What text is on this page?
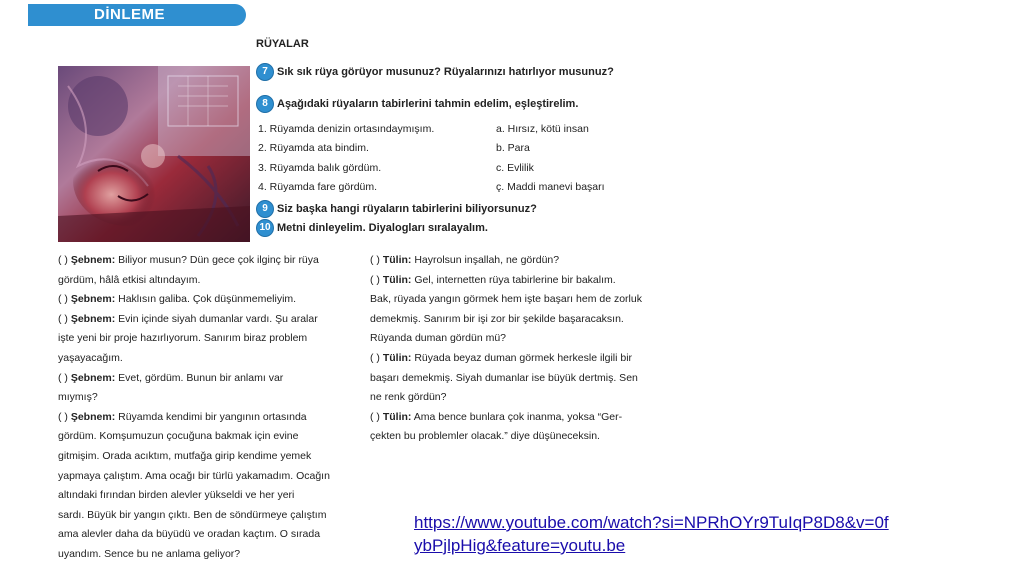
DİNLEME
RÜYALAR
7 Sık sık rüya görüyor musunuz? Rüyalarınızı hatırlıyor musunuz?
8 Aşağıdaki rüyaların tabirlerini tahmin edelim, eşleştirelim.
9 Siz başka hangi rüyaların tabirlerini biliyorsunuz?
10 Metni dinleyelim. Diyalogları sıralayalım.
1. Rüyamda denizin ortasındaymışım.
2. Rüyamda ata bindim.
3. Rüyamda balık gördüm.
4. Rüyamda fare gördüm.
a. Hırsız, kötü insan
b. Para
c. Evlilik
ç. Maddi manevi başarı

( ) Şebnem: Biliyor musun? Dün gece çok ilginç bir rüya

gördüm, hâlâ etkisi altındayım.

( ) Şebnem: Haklısın galiba. Çok düşünmemeliyim.

( ) Şebnem: Evin içinde siyah dumanlar vardı. Şu aralar

işte yeni bir proje hazırlıyorum. Sanırım biraz problem

yaşayacağım.

( ) Şebnem: Evet, gördüm. Bunun bir anlamı var

mıymış?

( ) Şebnem: Rüyamda kendimi bir yangının ortasında

gördüm. Komşumuzun çocuğuna bakmak için evine

gitmişim. Orada acıktım, mutfağa girip kendime yemek

yapmaya çalıştım. Ama ocağı bir türlü yakamadım. Ocağın

altındaki fırından birden alevler yükseldi ve her yeri

sardı. Büyük bir yangın çıktı. Ben de söndürmeye çalıştım

ama alevler daha da büyüdü ve oradan kaçtım. O sırada

uyandım. Sence bu ne anlama geliyor?

( ) Tülin: Hayrolsun inşallah, ne gördün?

( ) Tülin: Gel, internetten rüya tabirlerine bir bakalım.

Bak, rüyada yangın görmek hem işte başarı hem de zorluk

demekmiş. Sanırım bir işi zor bir şekilde başaracaksın.

Rüyanda duman gördün mü?

( ) Tülin: Rüyada beyaz duman görmek herkesle ilgili bir

başarı demekmiş. Siyah dumanlar ise büyük dertmiş. Sen

ne renk gördün?

( ) Tülin: Ama bence bunlara çok inanma, yoksa “Ger-

çekten bu problemler olacak.” diye düşüneceksin.

https://www.youtube.com/watch?si=NPRhOYr9TuIqP8D8&v=0f
ybPjlpHig&feature=youtu.be
